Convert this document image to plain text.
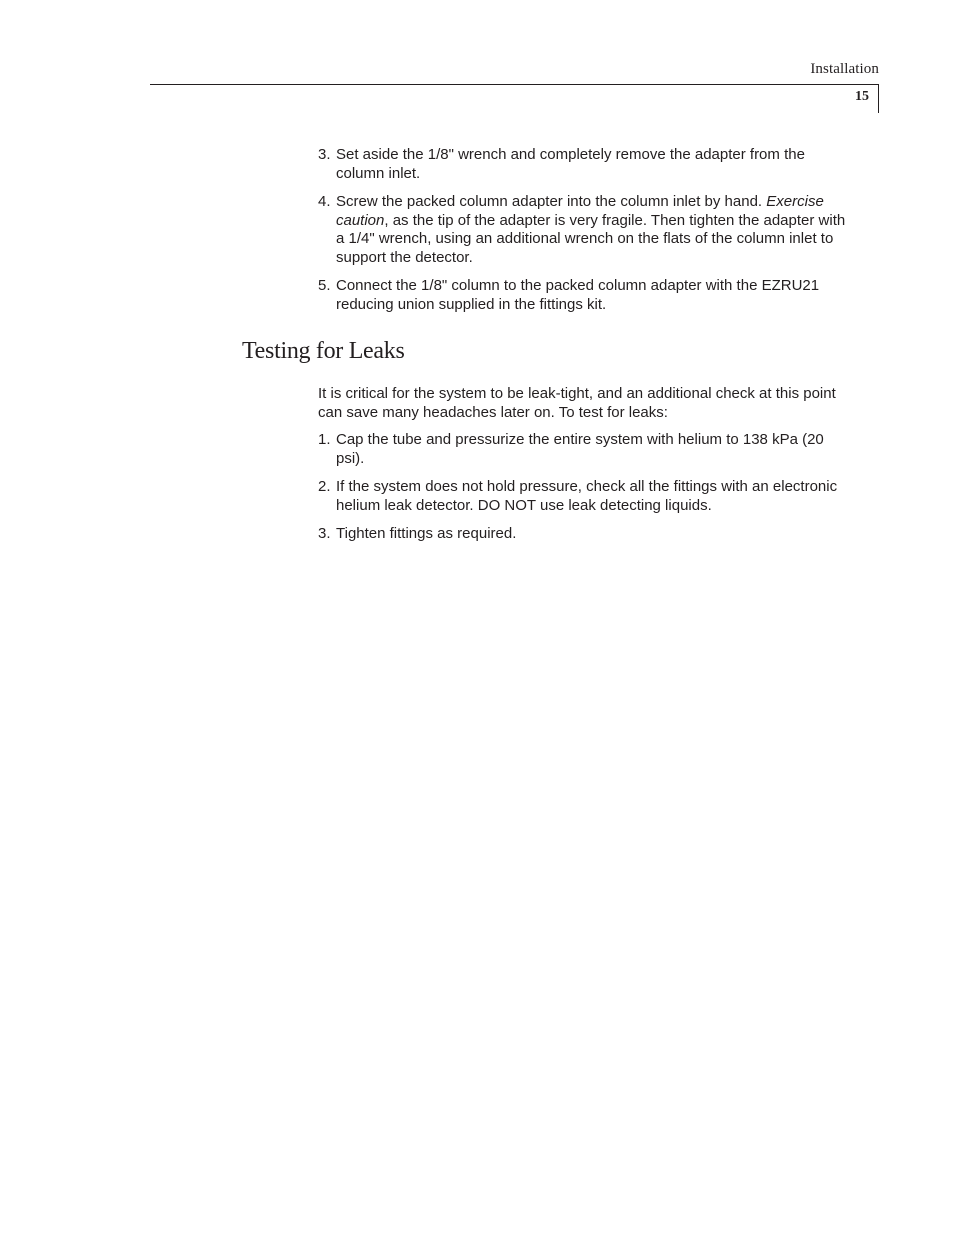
Installation
15
3. Set aside the 1/8" wrench and completely remove the adapter from the column inlet.
4. Screw the packed column adapter into the column inlet by hand. Exercise caution, as the tip of the adapter is very fragile. Then tighten the adapter with a 1/4" wrench, using an additional wrench on the flats of the column inlet to support the detector.
5. Connect the 1/8" column to the packed column adapter with the EZRU21 reducing union supplied in the fittings kit.
Testing for Leaks

It is critical for the system to be leak-tight, and an additional check at this point can save many headaches later on. To test for leaks:

1. Cap the tube and pressurize the entire system with helium to 138 kPa (20 psi).
2. If the system does not hold pressure, check all the fittings with an electronic helium leak detector. DO NOT use leak detecting liquids.
3. Tighten fittings as required.
